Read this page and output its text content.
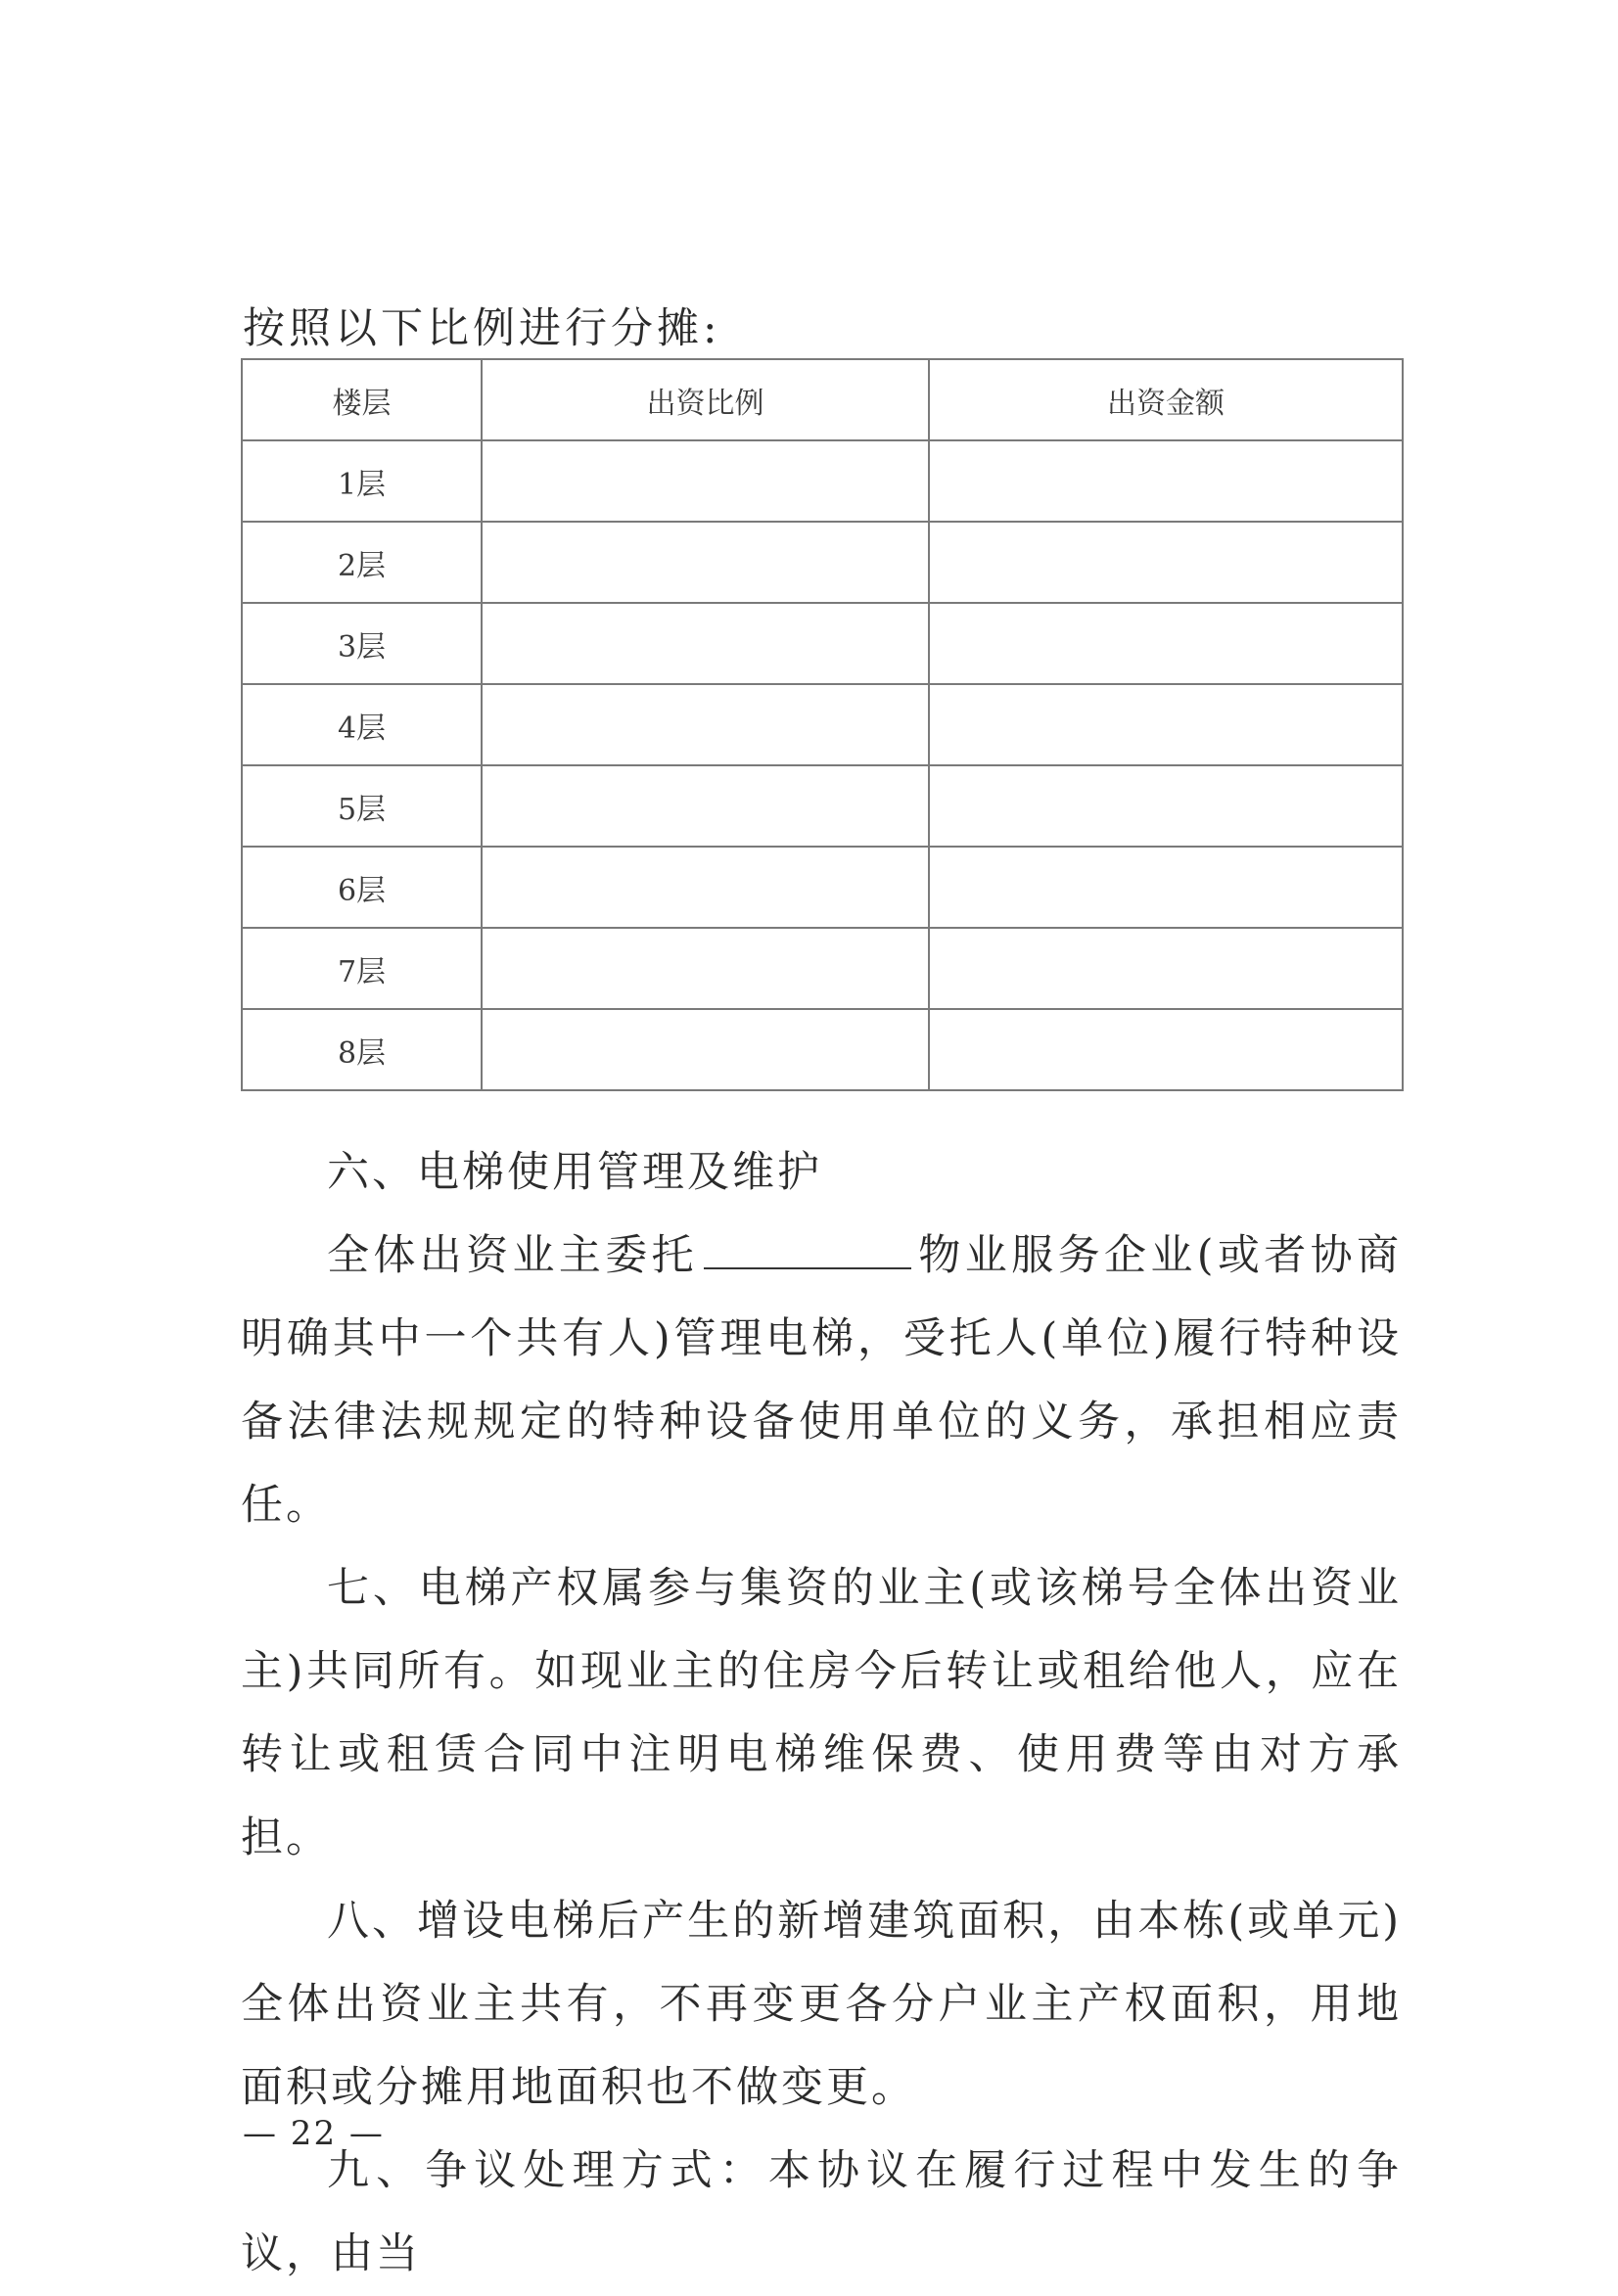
按照以下比例进行分摊:
楼层	出资比例	出资金额
1层		
2层		
3层		
4层		
5层		
6层		
7层		
8层		

六、电梯使用管理及维护

全体出资业主委托	物业服务企业(或者协商明确其中一个共有人)管理电梯，受托人(单位)履行特种设备法律法规规定的特种设备使用单位的义务，承担相应责任。

七、电梯产权属参与集资的业主(或该梯号全体出资业主)共同所有。如现业主的住房今后转让或租给他人，应在转让或租赁合同中注明电梯维保费、使用费等由对方承担。

八、增设电梯后产生的新增建筑面积，由本栋(或单元)全体出资业主共有，不再变更各分户业主产权面积，用地面积或分摊用地面积也不做变更。

九、争议处理方式：本协议在履行过程中发生的争议，由当

— 22 —
